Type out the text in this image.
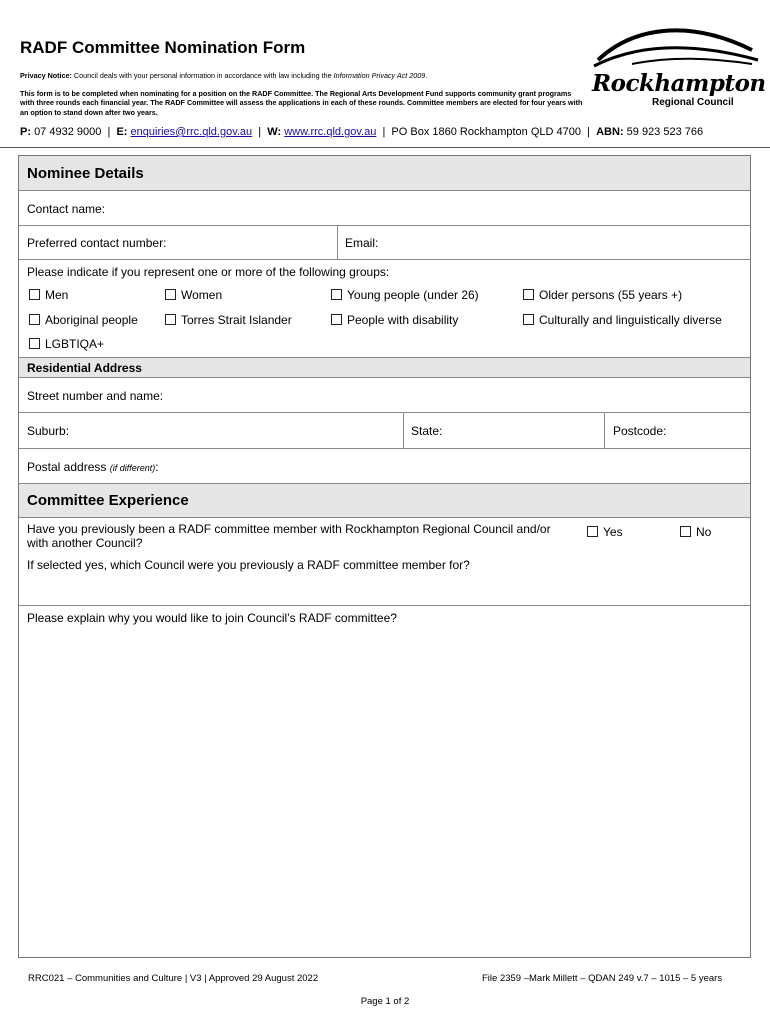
RADF Committee Nomination Form
Privacy Notice: Council deals with your personal information in accordance with law including the Information Privacy Act 2009.
This form is to be completed when nominating for a position on the RADF Committee. The Regional Arts Development Fund supports community grant programs with three rounds each financial year. The RADF Committee will assess the applications in each of these rounds. Committee members are elected for four years with an option to stand down after two years.
Rockhampton
Regional Council
P: 07 4932 9000 | E: enquiries@rrc.qld.gov.au | W: www.rrc.qld.gov.au | PO Box 1860 Rockhampton QLD 4700 | ABN: 59 923 523 766
Nominee Details
Contact name:
Preferred contact number:	Email:
Please indicate if you represent one or more of the following groups:
Men	Women	Young people (under 26)	Older persons (55 years +)
Aboriginal people	Torres Strait Islander	People with disability	Culturally and linguistically diverse
LGBTIQA+
Residential Address
Street number and name:
Suburb:	State:	Postcode:
Postal address (if different):
Committee Experience
Have you previously been a RADF committee member with Rockhampton Regional Council and/or with another Council?
Yes	No
If selected yes, which Council were you previously a RADF committee member for?
Please explain why you would like to join Council’s RADF committee?
RRC021 – Communities and Culture | V3 | Approved 29 August 2022	File 2359 –Mark Millett – QDAN 249 v.7 – 1015 – 5 years
Page 1 of 2
